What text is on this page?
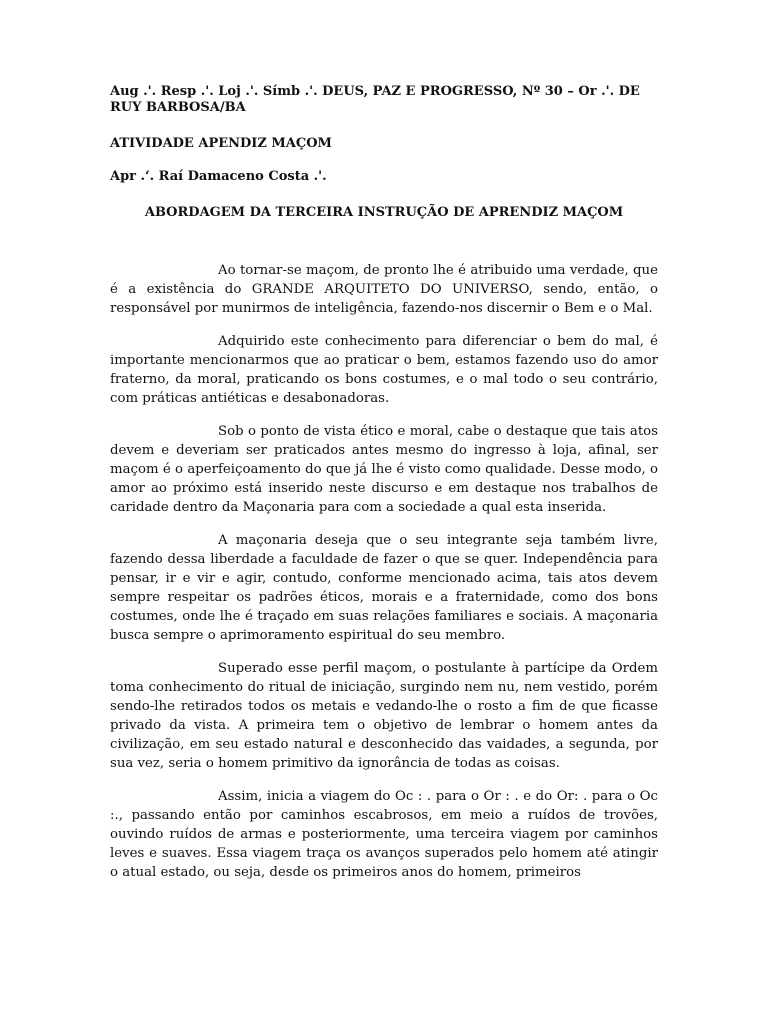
Aug .'. Resp .'. Loj .'. Símb .'. DEUS, PAZ E PROGRESSO, Nº 30 – Or .'. DE RUY BARBOSA/BA

ATIVIDADE APENDIZ MAÇOM

Apr .‘. Raí Damaceno Costa .'.

ABORDAGEM DA TERCEIRA INSTRUÇÃO DE APRENDIZ MAÇOM

Ao tornar-se maçom, de pronto lhe é atribuido uma verdade, que é a existência do GRANDE ARQUITETO DO UNIVERSO, sendo, então, o responsável por munirmos de inteligência, fazendo-nos discernir o Bem e o Mal.

Adquirido este conhecimento para diferenciar o bem do mal, é importante mencionarmos que ao praticar o bem, estamos fazendo uso do amor fraterno, da moral, praticando os bons costumes, e o mal todo o seu contrário, com práticas antiéticas e desabonadoras.

Sob o ponto de vista ético e moral, cabe o destaque que tais atos devem e deveriam ser praticados antes mesmo do ingresso à loja, afinal, ser maçom é o aperfeiçoamento do que já lhe é visto como qualidade. Desse modo, o amor ao próximo está inserido neste discurso e em destaque nos trabalhos de caridade dentro da Maçonaria para com a sociedade a qual esta inserida.

A maçonaria deseja que o seu integrante seja também livre, fazendo dessa liberdade a faculdade de fazer o que se quer. Independência para pensar, ir e vir e agir, contudo, conforme mencionado acima, tais atos devem sempre respeitar os padrões éticos, morais e a fraternidade, como dos bons costumes, onde lhe é traçado em suas relações familiares e sociais. A maçonaria busca sempre o aprimoramento espiritual do seu membro.

Superado esse perfil maçom, o postulante à partícipe da Ordem toma conhecimento do ritual de iniciação, surgindo nem nu, nem vestido, porém sendo-lhe retirados todos os metais e vedando-lhe o rosto a fim de que ficasse privado da vista. A primeira tem o objetivo de lembrar o homem antes da civilização, em seu estado natural e desconhecido das vaidades, a segunda, por sua vez, seria o homem primitivo da ignorância de todas as coisas.

Assim, inicia a viagem do Oc : . para o Or : . e do Or: . para o Oc :., passando então por caminhos escabrosos, em meio a ruídos de trovões, ouvindo ruídos de armas e posteriormente, uma terceira viagem por caminhos leves e suaves. Essa viagem traça os avanços superados pelo homem até atingir o atual estado, ou seja, desde os primeiros anos do homem, primeiros
